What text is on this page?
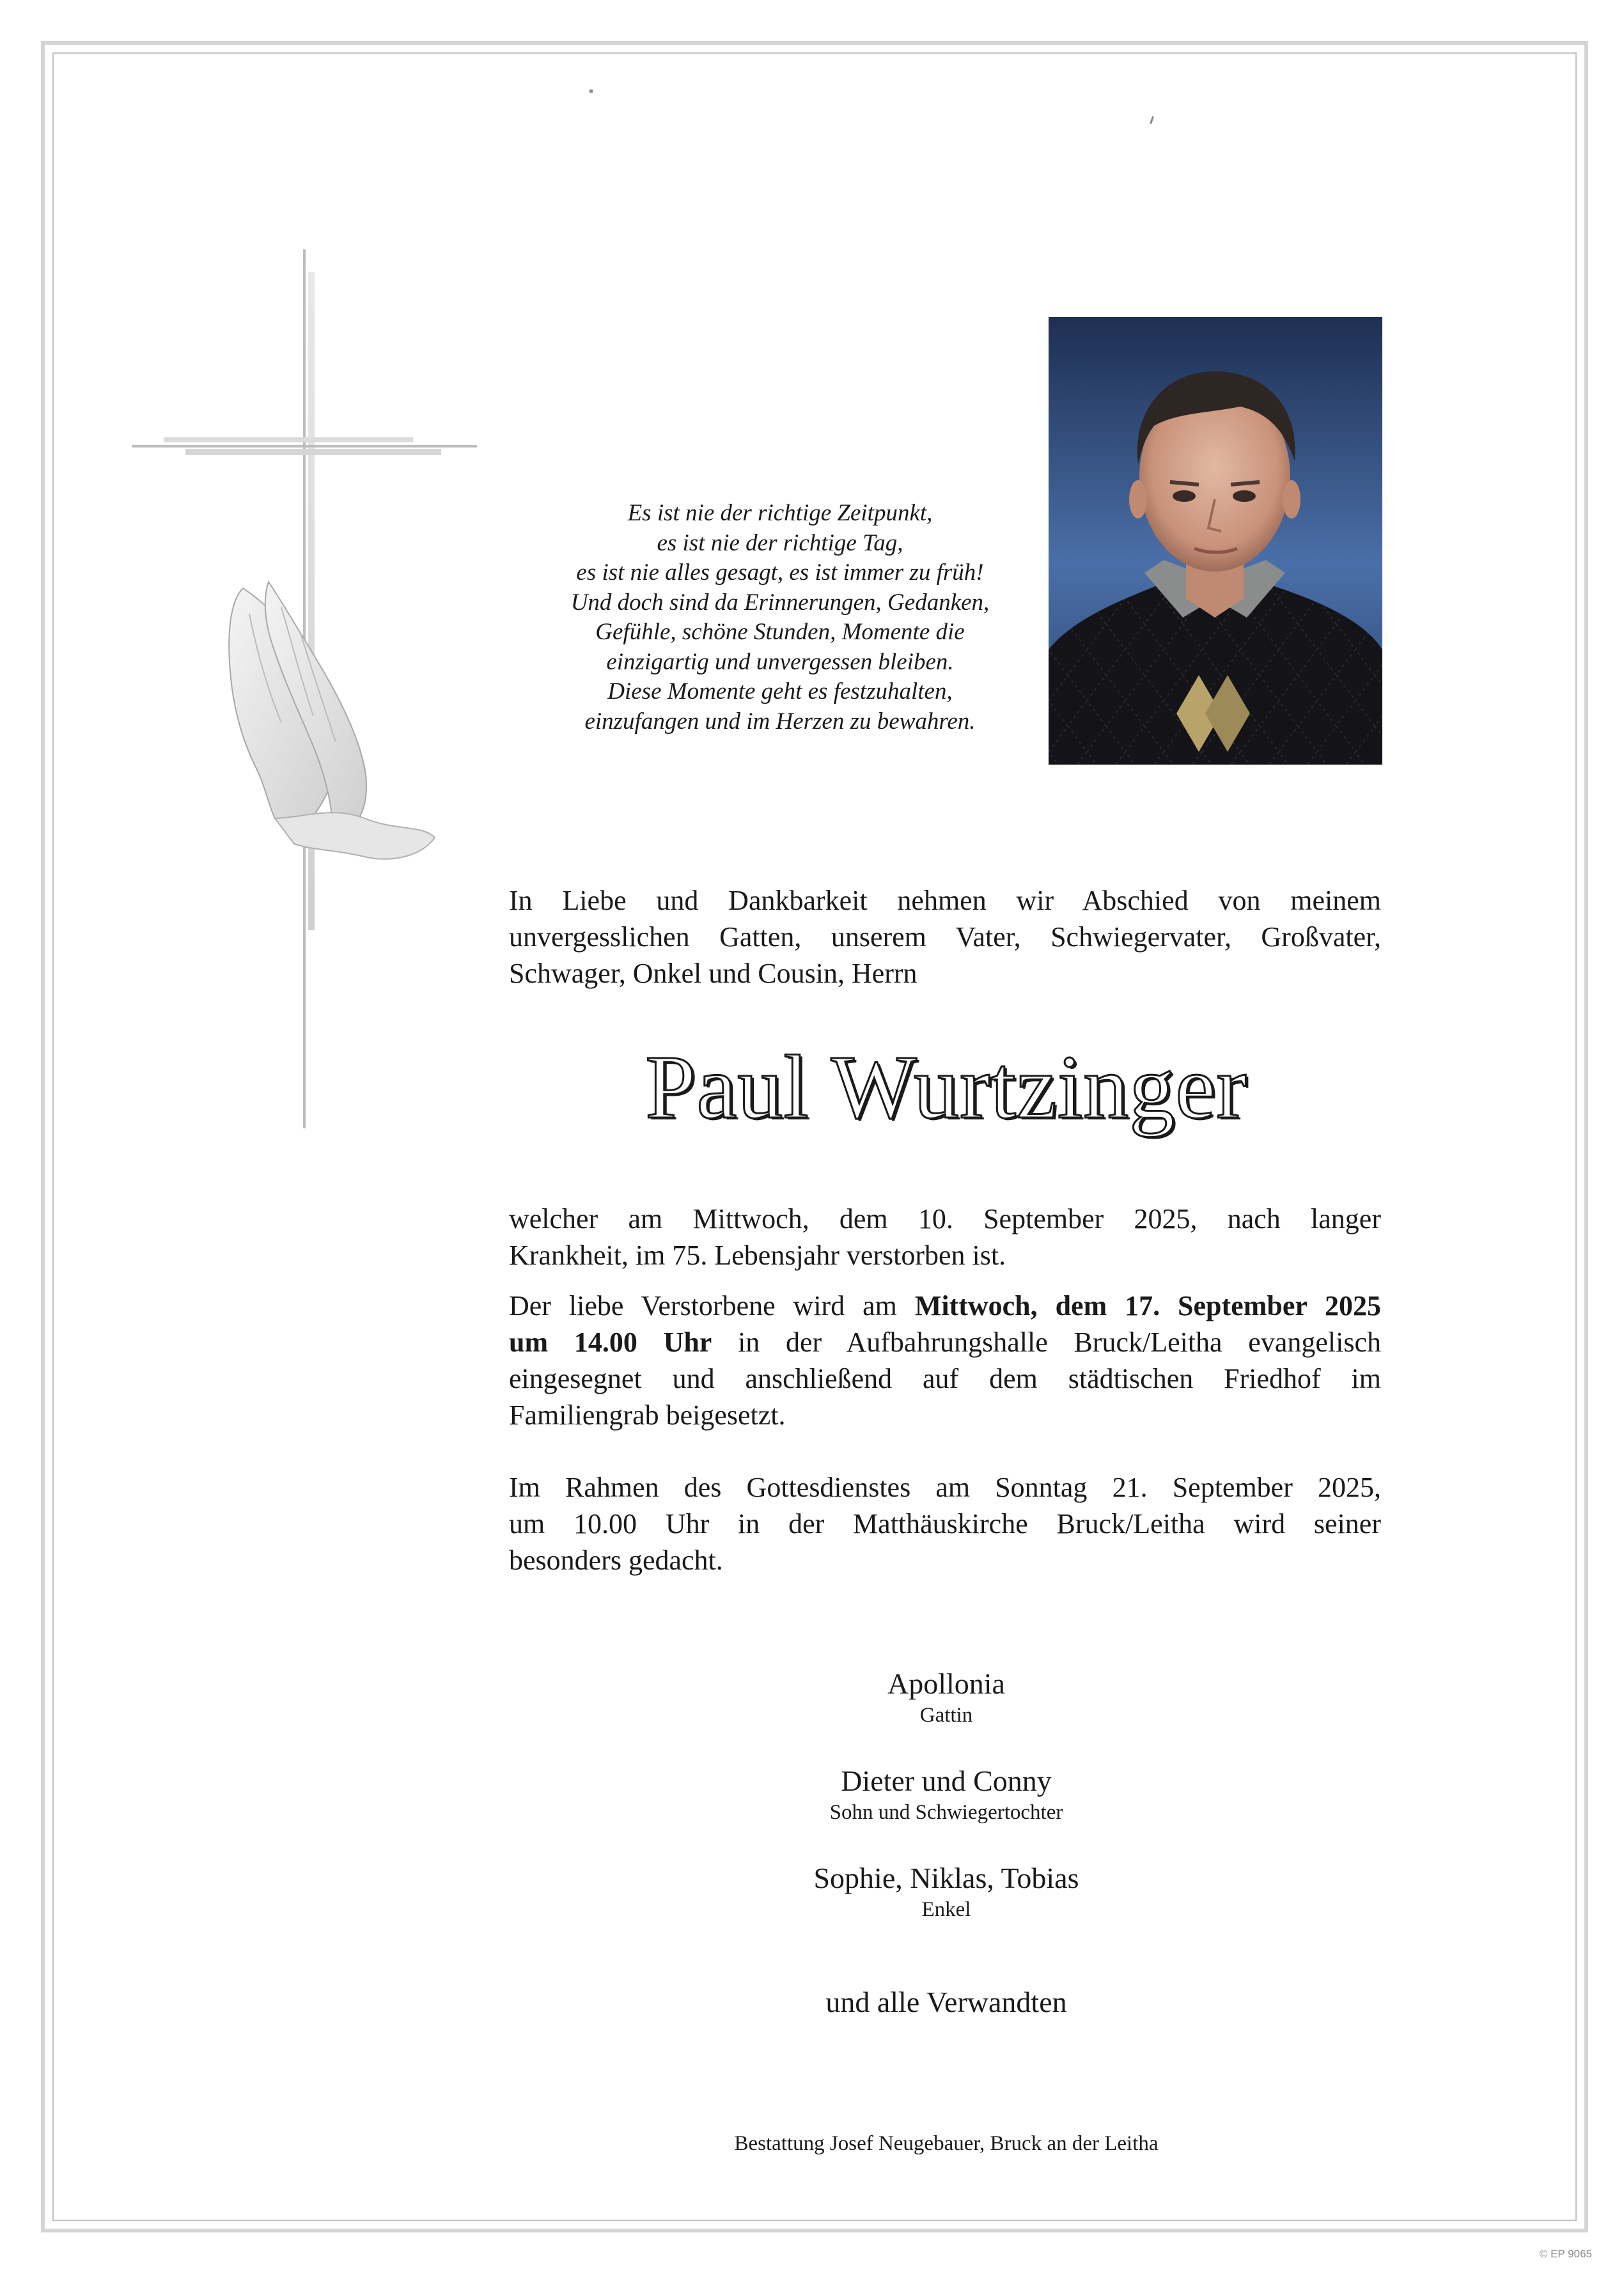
Es ist nie der richtige Zeitpunkt,
es ist nie der richtige Tag,
es ist nie alles gesagt, es ist immer zu früh!
Und doch sind da Erinnerungen, Gedanken,
Gefühle, schöne Stunden, Momente die
einzigartig und unvergessen bleiben.
Diese Momente geht es festzuhalten,
einzufangen und im Herzen zu bewahren.
In Liebe und Dankbarkeit nehmen wir Abschied von meinem
unvergesslichen Gatten, unserem Vater, Schwiegervater, Großvater,
Schwager, Onkel und Cousin, Herrn
Paul Wurtzinger
welcher am Mittwoch, dem 10. September 2025, nach langer
Krankheit, im 75. Lebensjahr verstorben ist.
Der liebe Verstorbene wird am Mittwoch, dem 17. September 2025
um 14.00 Uhr in der Aufbahrungshalle Bruck/Leitha evangelisch
eingesegnet und anschließend auf dem städtischen Friedhof im
Familiengrab beigesetzt.
Im Rahmen des Gottesdienstes am Sonntag 21. September 2025,
um 10.00 Uhr in der Matthäuskirche Bruck/Leitha wird seiner
besonders gedacht.
Apollonia
Gattin
Dieter und Conny
Sohn und Schwiegertochter
Sophie, Niklas, Tobias
Enkel
und alle Verwandten
Bestattung Josef Neugebauer, Bruck an der Leitha
© EP 9065
